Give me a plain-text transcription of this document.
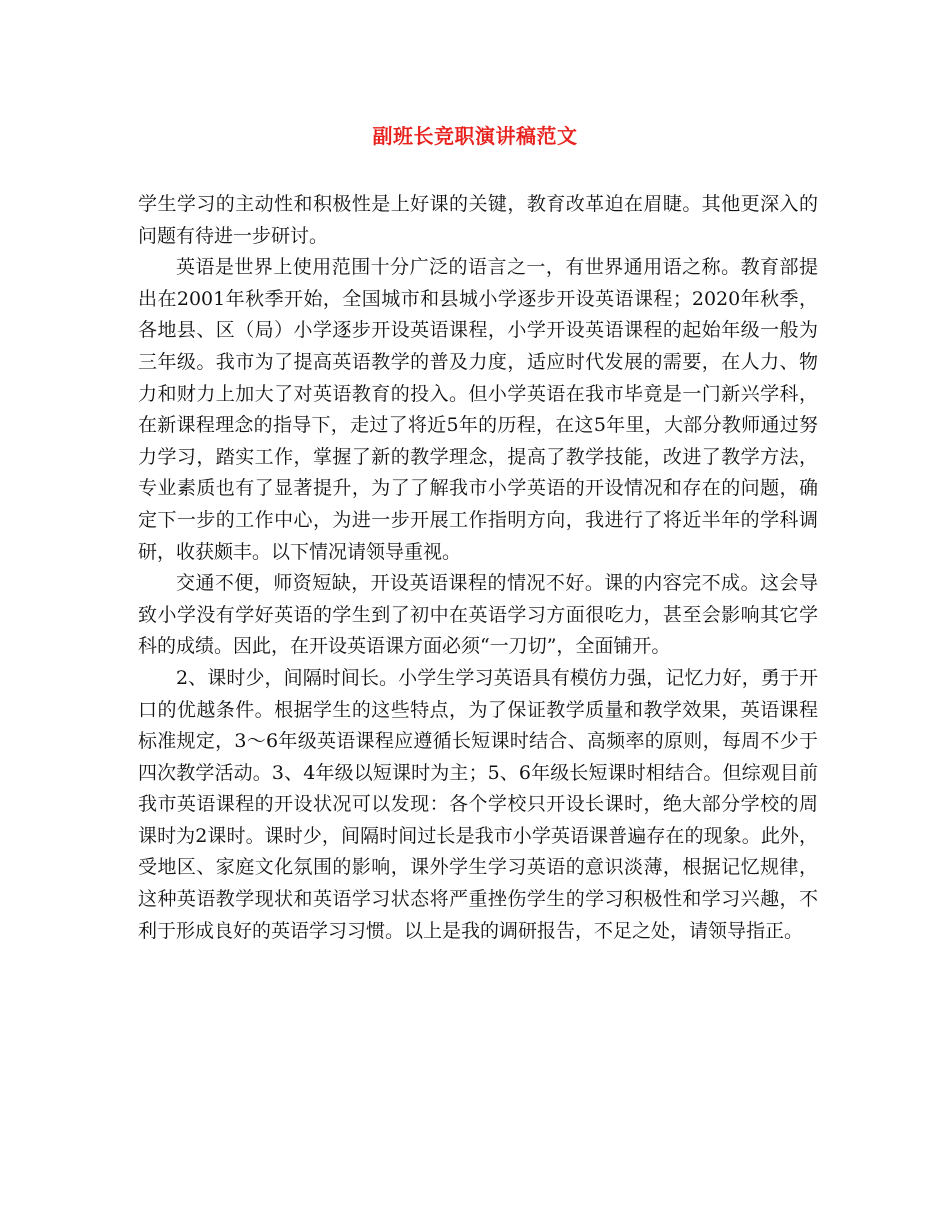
副班长竞职演讲稿范文

学生学习的主动性和积极性是上好课的关键，教育改革迫在眉睫。其他更深入的问题有待进一步研讨。

英语是世界上使用范围十分广泛的语言之一，有世界通用语之称。教育部提出在2001年秋季开始，全国城市和县城小学逐步开设英语课程；2020年秋季，各地县、区（局）小学逐步开设英语课程，小学开设英语课程的起始年级一般为三年级。我市为了提高英语教学的普及力度，适应时代发展的需要，在人力、物力和财力上加大了对英语教育的投入。但小学英语在我市毕竟是一门新兴学科，在新课程理念的指导下，走过了将近5年的历程，在这5年里，大部分教师通过努力学习，踏实工作，掌握了新的教学理念，提高了教学技能，改进了教学方法，专业素质也有了显著提升，为了了解我市小学英语的开设情况和存在的问题，确定下一步的工作中心，为进一步开展工作指明方向，我进行了将近半年的学科调研，收获颇丰。以下情况请领导重视。

交通不便，师资短缺，开设英语课程的情况不好。课的内容完不成。这会导致小学没有学好英语的学生到了初中在英语学习方面很吃力，甚至会影响其它学科的成绩。因此，在开设英语课方面必须“一刀切”，全面铺开。

2、课时少，间隔时间长。小学生学习英语具有模仿力强，记忆力好，勇于开口的优越条件。根据学生的这些特点，为了保证教学质量和教学效果，英语课程标准规定，3～6年级英语课程应遵循长短课时结合、高频率的原则，每周不少于四次教学活动。3、4年级以短课时为主；5、6年级长短课时相结合。但综观目前我市英语课程的开设状况可以发现：各个学校只开设长课时，绝大部分学校的周课时为2课时。课时少，间隔时间过长是我市小学英语课普遍存在的现象。此外，受地区、家庭文化氛围的影响，课外学生学习英语的意识淡薄，根据记忆规律，这种英语教学现状和英语学习状态将严重挫伤学生的学习积极性和学习兴趣，不利于形成良好的英语学习习惯。以上是我的调研报告，不足之处，请领导指正。
